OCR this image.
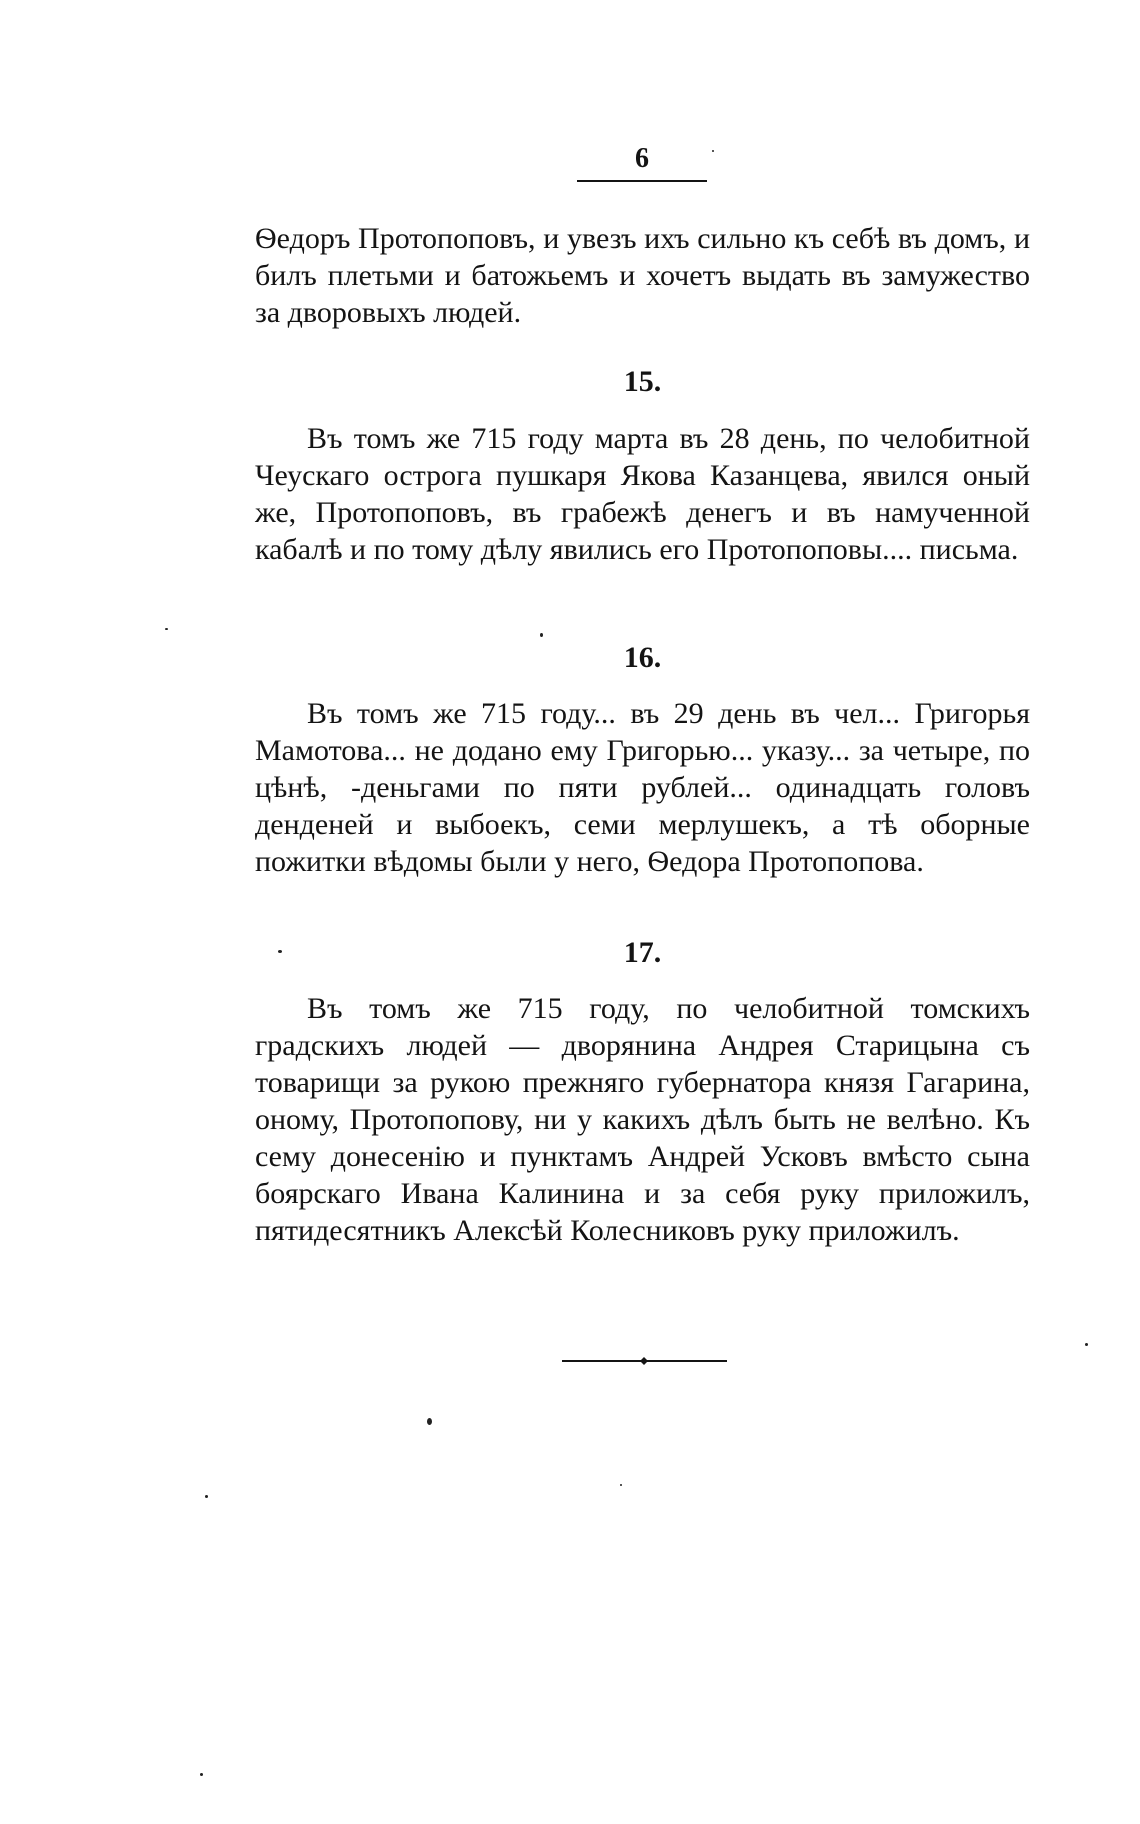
6

Ѳедоръ Протопоповъ, и увезъ ихъ сильно къ себѣ въ домъ, и билъ плетьми и батожьемъ и хочетъ выдать въ замужество за дворовыхъ людей.

15.

Въ томъ же 715 году марта въ 28 день, по челобитной Чеускаго острога пушкаря Якова Казанцева, явился оный же, Протопоповъ, въ грабежѣ денегъ и въ намученной кабалѣ и по тому дѣлу явились его Протопоповы.... письма.

16.

Въ томъ же 715 году... въ 29 день въ чел... Григорья Мамотова... не додано ему Григорью... указу... за четыре, по цѣнѣ, -деньгами по пяти рублей... одинадцать головъ денденей и выбоекъ, семи мерлушекъ, а тѣ оборные пожитки вѣдомы были у него, Ѳедора Протопопова.

17.

Въ томъ же 715 году, по челобитной томскихъ градскихъ людей — дворянина Андрея Старицына съ товарищи за рукою прежняго губернатора князя Гагарина, оному, Протопопову, ни у какихъ дѣлъ быть не велѣно. Къ сему донесенiю и пунктамъ Андрей Усковъ вмѣсто сына боярскаго Ивана Калинина и за себя руку приложилъ, пятидесятникъ Алексѣй Колесниковъ руку приложилъ.
